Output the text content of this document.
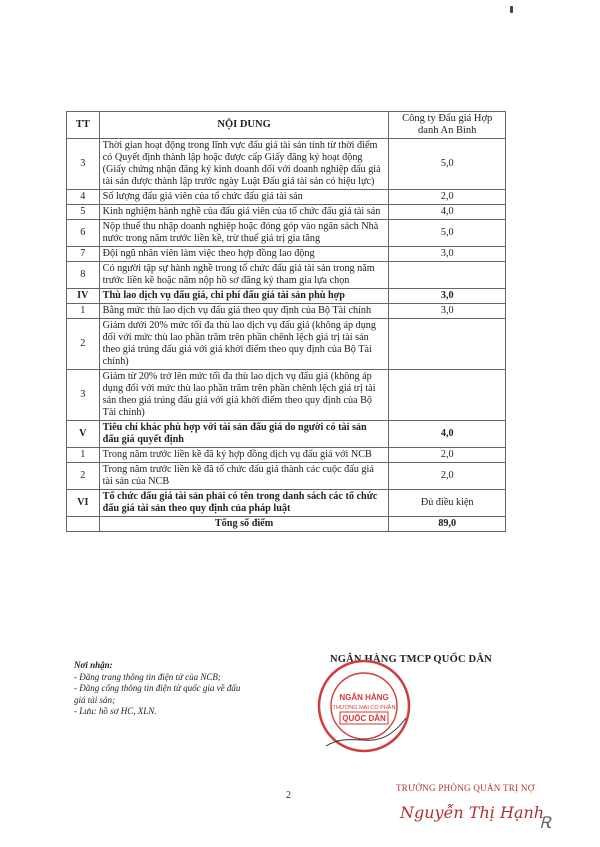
TT	NỘI DUNG	Công ty Đấu giá Hợp danh An Bình
3	Thời gian hoạt động trong lĩnh vực đấu giá tài sản tính từ thời điểm có Quyết định thành lập hoặc được cấp Giấy đăng ký hoạt động (Giấy chứng nhận đăng ký kinh doanh đối với doanh nghiệp đấu giá tài sản được thành lập trước ngày Luật Đấu giá tài sản có hiệu lực)	5,0
4	Số lượng đấu giá viên của tổ chức đấu giá tài sản	2,0
5	Kinh nghiệm hành nghề của đấu giá viên của tổ chức đấu giá tài sản	4,0
6	Nộp thuế thu nhập doanh nghiệp hoặc đóng góp vào ngân sách Nhà nước trong năm trước liền kề, trừ thuế giá trị gia tăng	5,0
7	Đội ngũ nhân viên làm việc theo hợp đồng lao động	3,0
8	Có người tập sự hành nghề trong tổ chức đấu giá tài sản trong năm trước liền kề hoặc năm nộp hồ sơ đăng ký tham gia lựa chọn	
IV	Thù lao dịch vụ đấu giá, chi phí đấu giá tài sản phù hợp	3,0
1	Bằng mức thù lao dịch vụ đấu giá theo quy định của Bộ Tài chính	3,0
2	Giảm dưới 20% mức tối đa thù lao dịch vụ đấu giá (không áp dụng đối với mức thù lao phần trăm trên phần chênh lệch giá trị tài sản theo giá trúng đấu giá với giá khởi điểm theo quy định của Bộ Tài chính)	
3	Giảm từ 20% trở lên mức tối đa thù lao dịch vụ đấu giá (không áp dụng đối với mức thù lao phần trăm trên phần chênh lệch giá trị tài sản theo giá trúng đấu giá với giá khởi điểm theo quy định của Bộ Tài chính)	
V	Tiêu chí khác phù hợp với tài sản đấu giá do người có tài sản đấu giá quyết định	4,0
1	Trong năm trước liền kề đã ký hợp đồng dịch vụ đấu giá với NCB	2,0
2	Trong năm trước liền kề đã tổ chức đấu giá thành các cuộc đấu giá tài sản của NCB	2,0
VI	Tổ chức đấu giá tài sản phải có tên trong danh sách các tổ chức đấu giá tài sản theo quy định của pháp luật	Đủ điều kiện
	Tổng số điểm	89,0
Nơi nhận:
- Đăng trang thông tin điện tử của NCB;
- Đăng cổng thông tin điện tử quốc gia về đấu giá tài sản;
- Lưu: hồ sơ HC, XLN.
NGÂN HÀNG TMCP QUỐC DÂN
NGÂN HÀNG
THƯƠNG MẠI CỔ PHẦN
QUỐC DÂN
2
TRƯỞNG PHÒNG QUẢN TRỊ NỢ
Nguyễn Thị Hạnh
Ꭱ
